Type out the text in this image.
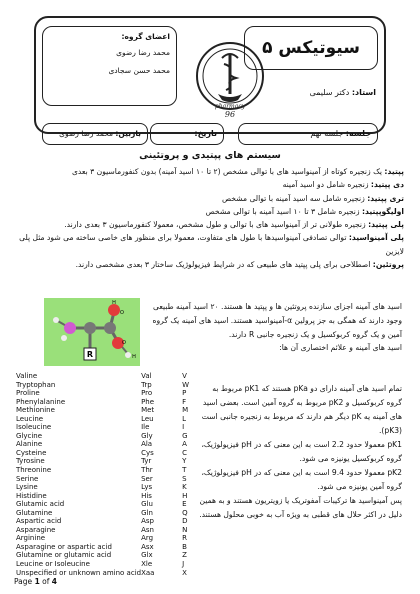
سیوتیکس ۵
استاد: دکتر سلیمی
جلسه: جلسه نهم
اعضای گروه:
محمد رضا رضوی
محمد حسن سجادی
تاریخ:
بازبین: محمد رضا رضوی
pharmacy
96
سیستم های پپتیدی و پروتئینی
پپتید: یک زنجیره کوتاه از آمینواسید های با توالی مشخص (۲ تا ۱۰ اسید آمینه) بدون کنفورماسیون ۳ بعدی
دی پپتید: زنجیره شامل دو اسید آمینه
تری پپتید: زنجیره شامل سه اسید آمینه با توالی مشخص
اولیگوپپتید: زنجیره شامل ۳ تا ۱۰ اسید آمینه با توالی مشخص
پلی پپتید: زنجیره طولانی تر از آمینواسید های با توالی و طول مشخص، معمولا کنفورماسیون ۳ بعدی دارند.
پلی آمینواسید: توالی تصادفی آمینواسیدها با طول های متفاوت، معمولا برای منظور های خاصی ساخته می شود مثل پلی لایزین
پروتئین: اصطلاحی برای پلی پپتید های طبیعی که در شرایط فیزیولوژیک ساختار ۳ بعدی مشخصی دارند.
R
H
O
O
H
اسید های آمینه اجزای سازنده پروتئین ها و پپتید ها هستند. ۲۰ اسید آمینه طبیعی وجود دارند که همگی به جز پرولین α-آمینواسید هستند. اسید های آمینه یک گروه آمین و یک گروه کربوکسیل و یک زنجیره جانبی R دارند.
اسید های آمینه و علائم اختصاری آن ها:
Valine	Val	V
Tryptophan	Trp	W
Proline	Pro	P
Phenylalanine	Phe	F
Methionine	Met	M
Leucine	Leu	L
Isoleucine	Ile	I
Glycine	Gly	G
Alanine	Ala	A
Cysteine	Cys	C
Tyrosine	Tyr	Y
Threonine	Thr	T
Serine	Ser	S
Lysine	Lys	K
Histidine	His	H
Glutamic acid	Glu	E
Glutamine	Gln	Q
Aspartic acid	Asp	D
Asparagine	Asn	N
Arginine	Arg	R

Asparagine or aspartic acid	Asx	B
Glutamine or glutamic acid	Glx	Z
Leucine or Isoleucine	Xle	J
Unspecified or unknown amino acid	Xaa	X
تمام اسید های آمینه دارای دو pKa هستند که pK1 مربوط به گروه کربوکسیل و pK2 مربوط به گروه آمین است. بعضی اسید های آمینه یه pK دیگر هم دارند که مربوط به زنجیره جانبی است (pK3).
pK1 معمولا حدود 2.2 است به این معنی که در pH فیزیولوژیک، گروه کربوکسیل یونیزه می شود.
pK2 معمولا حدود 9.4 است به این معنی که در pH فیزیولوژیک، گروه آمین یونیزه می شود.
پس آمینواسید ها ترکیبات آمفوتریک یا زویتریون هستند و به همین دلیل در اکثر حلال های قطبی به ویژه آب به خوبی محلول هستند.
Page 1 of 4
